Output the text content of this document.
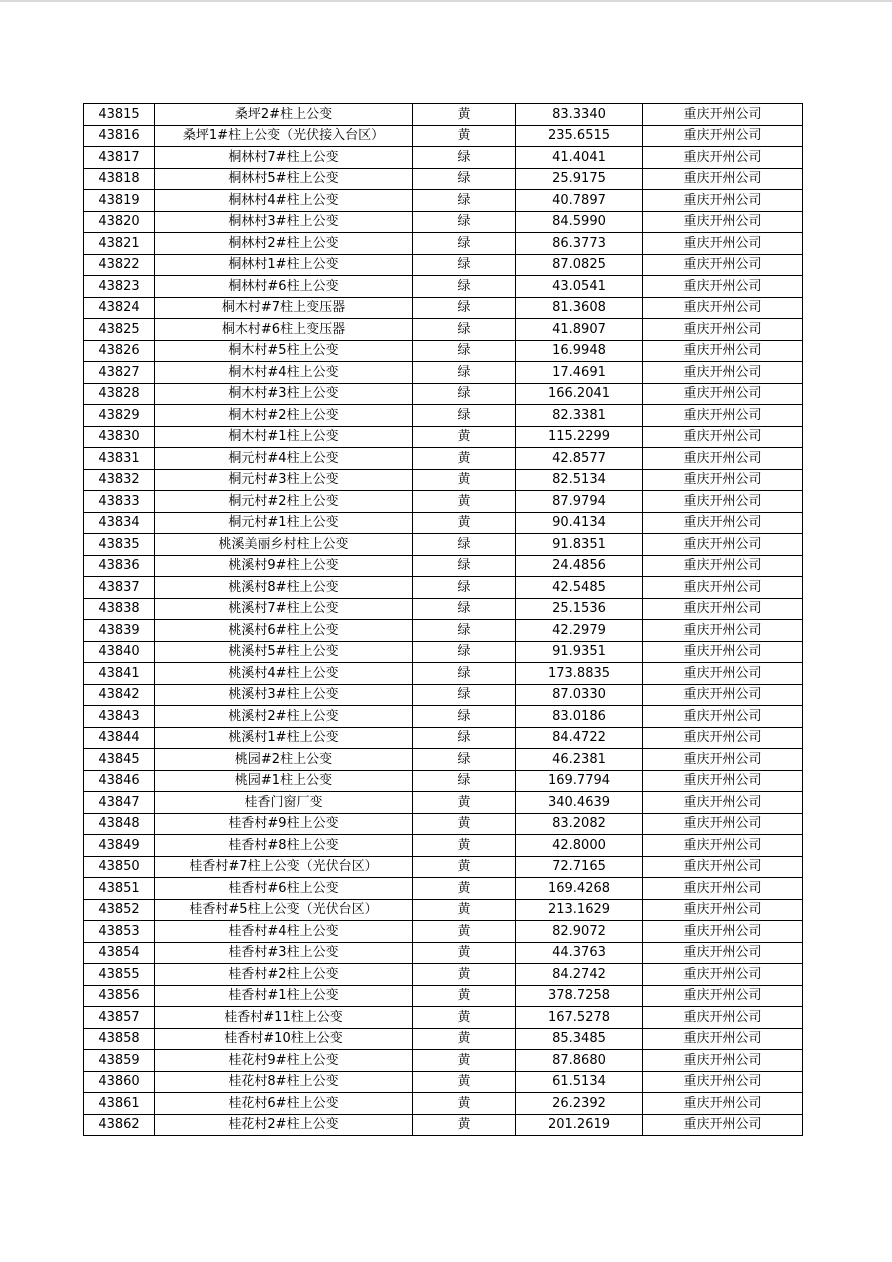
43815	桑坪2#柱上公变	黄	83.3340	重庆开州公司
43816	桑坪1#柱上公变（光伏接入台区）	黄	235.6515	重庆开州公司
43817	桐林村7#柱上公变	绿	41.4041	重庆开州公司
43818	桐林村5#柱上公变	绿	25.9175	重庆开州公司
43819	桐林村4#柱上公变	绿	40.7897	重庆开州公司
43820	桐林村3#柱上公变	绿	84.5990	重庆开州公司
43821	桐林村2#柱上公变	绿	86.3773	重庆开州公司
43822	桐林村1#柱上公变	绿	87.0825	重庆开州公司
43823	桐林村#6柱上公变	绿	43.0541	重庆开州公司
43824	桐木村#7柱上变压器	绿	81.3608	重庆开州公司
43825	桐木村#6柱上变压器	绿	41.8907	重庆开州公司
43826	桐木村#5柱上公变	绿	16.9948	重庆开州公司
43827	桐木村#4柱上公变	绿	17.4691	重庆开州公司
43828	桐木村#3柱上公变	绿	166.2041	重庆开州公司
43829	桐木村#2柱上公变	绿	82.3381	重庆开州公司
43830	桐木村#1柱上公变	黄	115.2299	重庆开州公司
43831	桐元村#4柱上公变	黄	42.8577	重庆开州公司
43832	桐元村#3柱上公变	黄	82.5134	重庆开州公司
43833	桐元村#2柱上公变	黄	87.9794	重庆开州公司
43834	桐元村#1柱上公变	黄	90.4134	重庆开州公司
43835	桃溪美丽乡村柱上公变	绿	91.8351	重庆开州公司
43836	桃溪村9#柱上公变	绿	24.4856	重庆开州公司
43837	桃溪村8#柱上公变	绿	42.5485	重庆开州公司
43838	桃溪村7#柱上公变	绿	25.1536	重庆开州公司
43839	桃溪村6#柱上公变	绿	42.2979	重庆开州公司
43840	桃溪村5#柱上公变	绿	91.9351	重庆开州公司
43841	桃溪村4#柱上公变	绿	173.8835	重庆开州公司
43842	桃溪村3#柱上公变	绿	87.0330	重庆开州公司
43843	桃溪村2#柱上公变	绿	83.0186	重庆开州公司
43844	桃溪村1#柱上公变	绿	84.4722	重庆开州公司
43845	桃园#2柱上公变	绿	46.2381	重庆开州公司
43846	桃园#1柱上公变	绿	169.7794	重庆开州公司
43847	桂香门窗厂变	黄	340.4639	重庆开州公司
43848	桂香村#9柱上公变	黄	83.2082	重庆开州公司
43849	桂香村#8柱上公变	黄	42.8000	重庆开州公司
43850	桂香村#7柱上公变（光伏台区）	黄	72.7165	重庆开州公司
43851	桂香村#6柱上公变	黄	169.4268	重庆开州公司
43852	桂香村#5柱上公变（光伏台区）	黄	213.1629	重庆开州公司
43853	桂香村#4柱上公变	黄	82.9072	重庆开州公司
43854	桂香村#3柱上公变	黄	44.3763	重庆开州公司
43855	桂香村#2柱上公变	黄	84.2742	重庆开州公司
43856	桂香村#1柱上公变	黄	378.7258	重庆开州公司
43857	桂香村#11柱上公变	黄	167.5278	重庆开州公司
43858	桂香村#10柱上公变	黄	85.3485	重庆开州公司
43859	桂花村9#柱上公变	黄	87.8680	重庆开州公司
43860	桂花村8#柱上公变	黄	61.5134	重庆开州公司
43861	桂花村6#柱上公变	黄	26.2392	重庆开州公司
43862	桂花村2#柱上公变	黄	201.2619	重庆开州公司
